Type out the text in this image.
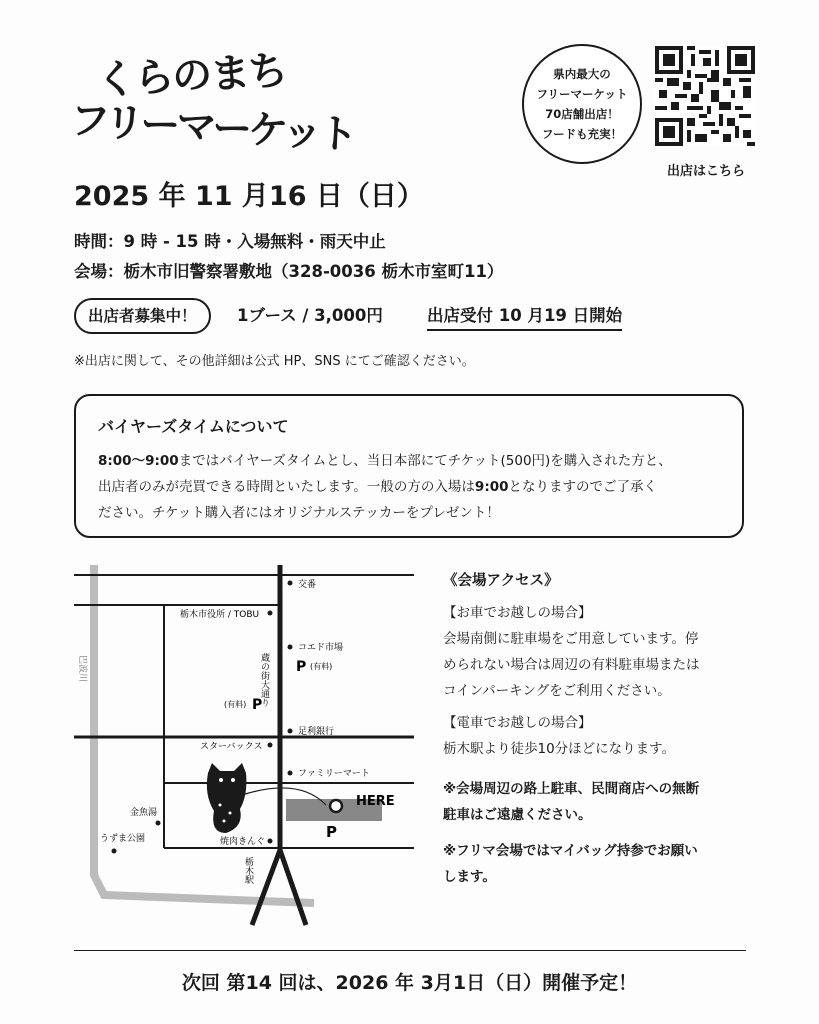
くらのまち
フリーマーケット
県内最大の
フリーマーケット
70店舗出店！
フードも充実！
出店はこちら
2025 年 11 月16 日（日）
時間：9 時 - 15 時・入場無料・雨天中止
会場：栃木市旧警察署敷地（328-0036 栃木市室町11）
出店者募集中！	1ブース / 3,000円	出店受付 10 月19 日開始
※出店に関して、その他詳細は公式 HP、SNS にてご確認ください。
バイヤーズタイムについて
8:00〜9:00まではバイヤーズタイムとし、当日本部にてチケット(500円)を購入された方と、
出店者のみが売買できる時間といたします。一般の方の入場は9:00となりますのでご了承く
ださい。チケット購入者にはオリジナルステッカーをプレゼント！
巴波川
HERE
P
交番
コエド市場
P (有料)
足利銀行
ファミリーマート
栃木市役所 / TOBU
(有料) P
スターバックス
金魚湯
うずま公園	焼肉きんぐ
蔵の街大通り
栃木駅
《会場アクセス》
【お車でお越しの場合】
会場南側に駐車場をご用意しています。停
められない場合は周辺の有料駐車場または
コインパーキングをご利用ください。
【電車でお越しの場合】
栃木駅より徒歩10分ほどになります。
※会場周辺の路上駐車、民間商店への無断
駐車はご遠慮ください。
※フリマ会場ではマイバッグ持参でお願い
します。
次回 第14 回は、2026 年 3月1日（日）開催予定！
